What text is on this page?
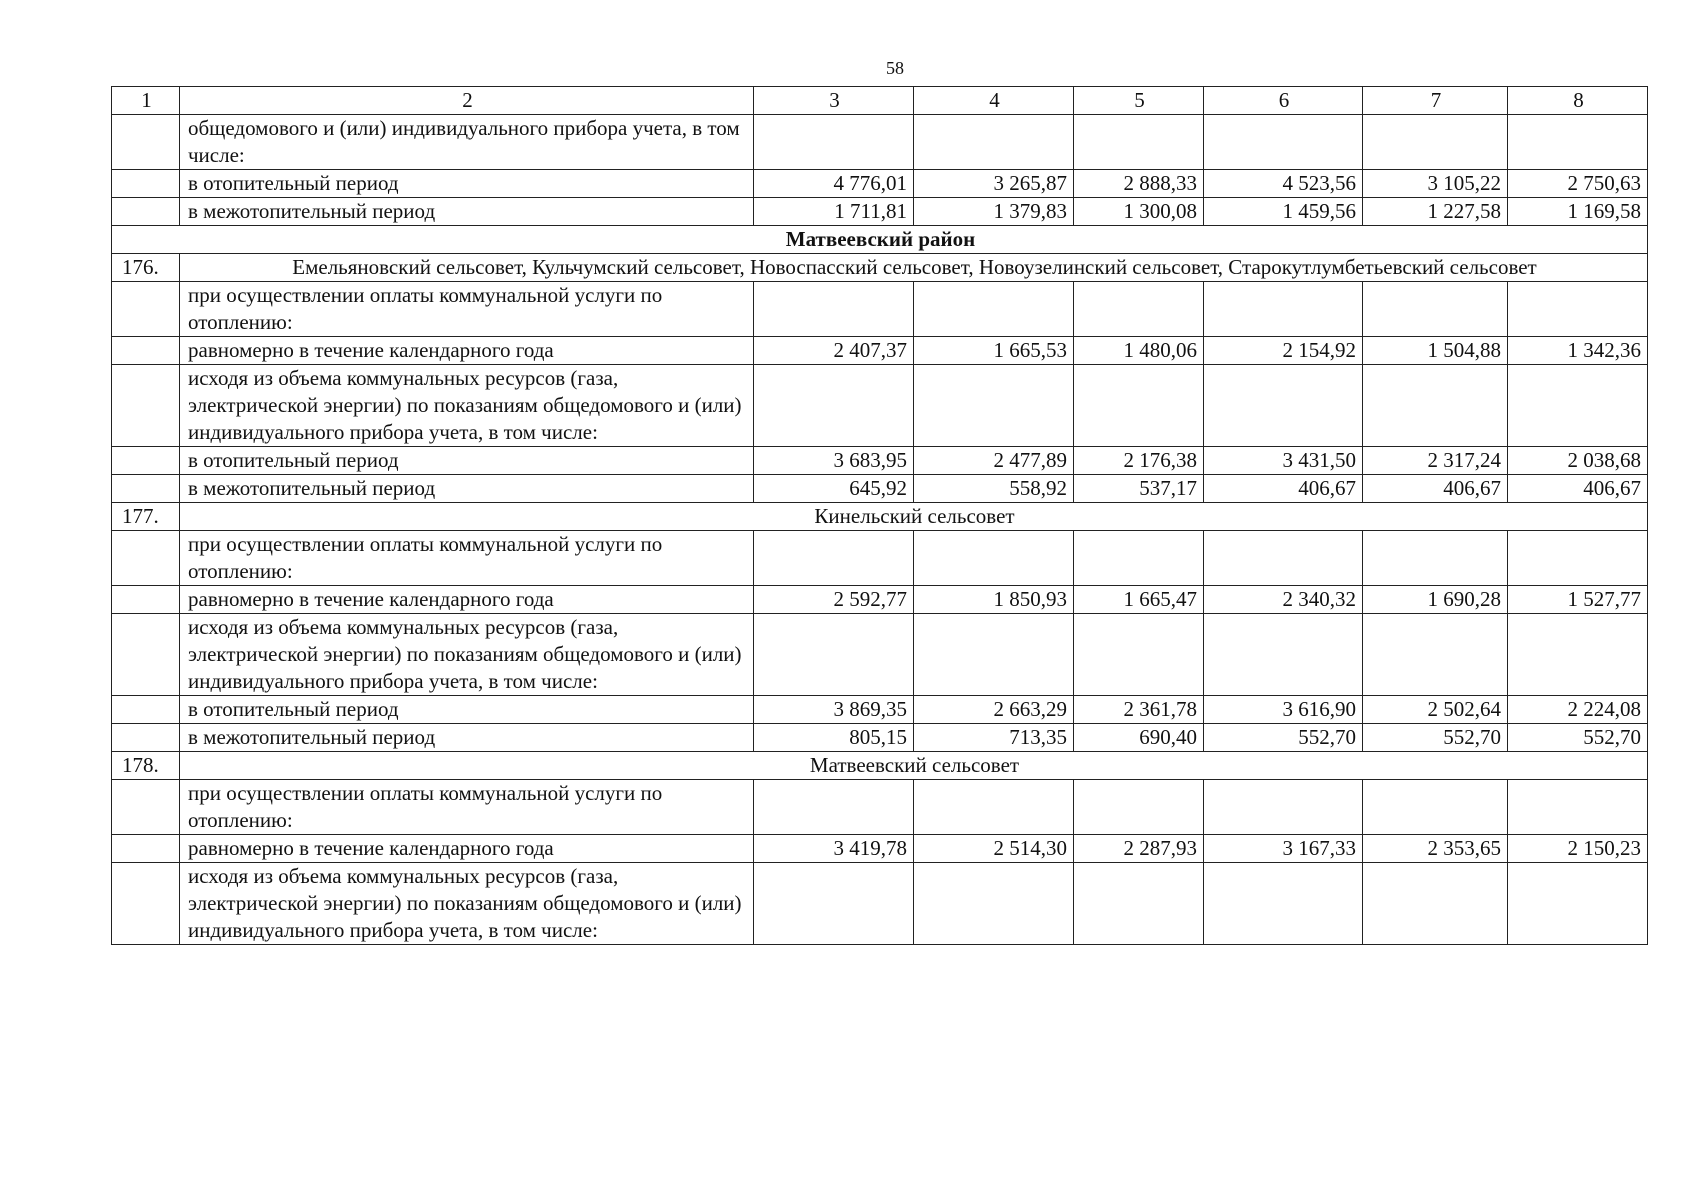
58
1	2	3	4	5	6	7	8
	общедомового и (или) индивидуального прибора учета, в том числе:						
	в отопительный период	4 776,01	3 265,87	2 888,33	4 523,56	3 105,22	2 750,63
	в межотопительный период	1 711,81	1 379,83	1 300,08	1 459,56	1 227,58	1 169,58
Матвеевский район							
176.	Емельяновский сельсовет, Кульчумский сельсовет, Новоспасский сельсовет, Новоузелинский сельсовет, Старокутлумбетьевский сельсовет						
	при осуществлении оплаты коммунальной услуги по отоплению:						
	равномерно в течение календарного года	2 407,37	1 665,53	1 480,06	2 154,92	1 504,88	1 342,36
	исходя из объема коммунальных ресурсов (газа, электрической энергии) по показаниям общедомового и (или) индивидуального прибора учета, в том числе:						
	в отопительный период	3 683,95	2 477,89	2 176,38	3 431,50	2 317,24	2 038,68
	в межотопительный период	645,92	558,92	537,17	406,67	406,67	406,67
177.	Кинельский сельсовет						
	при осуществлении оплаты коммунальной услуги по отоплению:						
	равномерно в течение календарного года	2 592,77	1 850,93	1 665,47	2 340,32	1 690,28	1 527,77
	исходя из объема коммунальных ресурсов (газа, электрической энергии) по показаниям общедомового и (или) индивидуального прибора учета, в том числе:						
	в отопительный период	3 869,35	2 663,29	2 361,78	3 616,90	2 502,64	2 224,08
	в межотопительный период	805,15	713,35	690,40	552,70	552,70	552,70
178.	Матвеевский сельсовет						
	при осуществлении оплаты коммунальной услуги по отоплению:						
	равномерно в течение календарного года	3 419,78	2 514,30	2 287,93	3 167,33	2 353,65	2 150,23
	исходя из объема коммунальных ресурсов (газа, электрической энергии) по показаниям общедомового и (или) индивидуального прибора учета, в том числе:						
